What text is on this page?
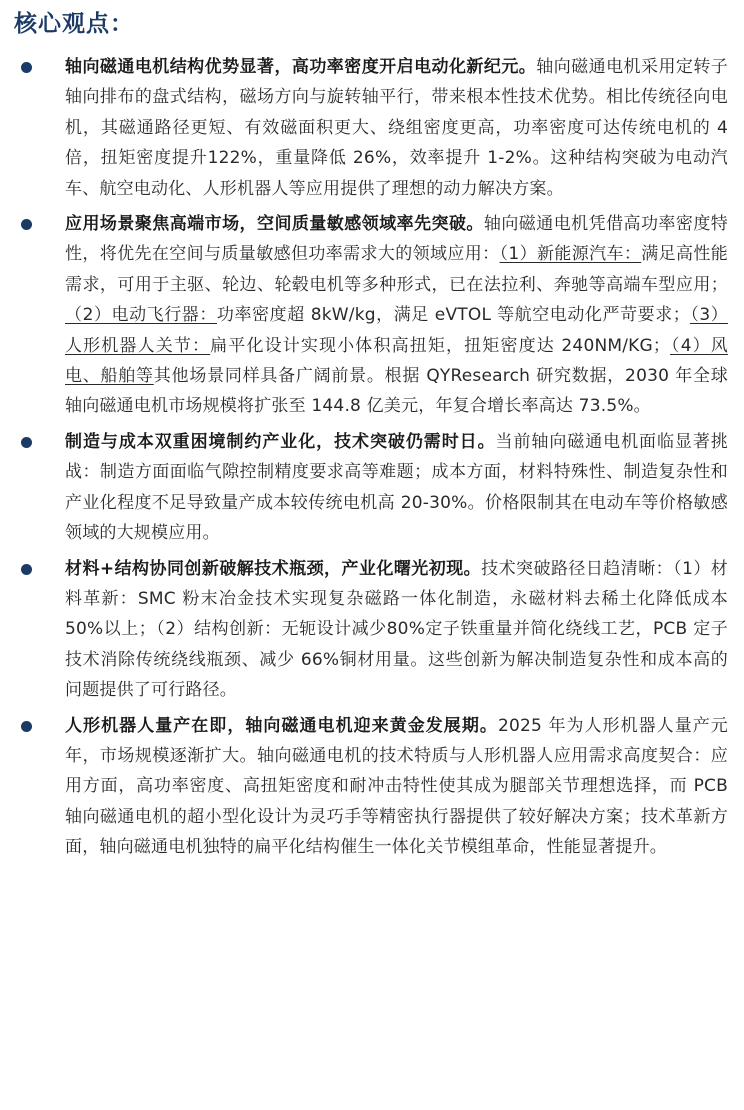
核心观点：
轴向磁通电机结构优势显著，高功率密度开启电动化新纪元。轴向磁通电机采用定转子轴向排布的盘式结构，磁场方向与旋转轴平行，带来根本性技术优势。相比传统径向电机，其磁通路径更短、有效磁面积更大、绕组密度更高，功率密度可达传统电机的 4 倍，扭矩密度提升122%，重量降低 26%，效率提升 1-2%。这种结构突破为电动汽车、航空电动化、人形机器人等应用提供了理想的动力解决方案。
应用场景聚焦高端市场，空间质量敏感领域率先突破。轴向磁通电机凭借高功率密度特性，将优先在空间与质量敏感但功率需求大的领域应用：（1）新能源汽车：满足高性能需求，可用于主驱、轮边、轮毂电机等多种形式，已在法拉利、奔驰等高端车型应用；（2）电动飞行器：功率密度超 8kW/kg，满足 eVTOL 等航空电动化严苛要求；（3）人形机器人关节：扁平化设计实现小体积高扭矩，扭矩密度达 240NM/KG；（4）风电、船舶等其他场景同样具备广阔前景。根据 QYResearch 研究数据，2030 年全球轴向磁通电机市场规模将扩张至 144.8 亿美元，年复合增长率高达 73.5%。
制造与成本双重困境制约产业化，技术突破仍需时日。当前轴向磁通电机面临显著挑战：制造方面面临气隙控制精度要求高等难题；成本方面，材料特殊性、制造复杂性和产业化程度不足导致量产成本较传统电机高 20-30%。价格限制其在电动车等价格敏感领域的大规模应用。
材料+结构协同创新破解技术瓶颈，产业化曙光初现。技术突破路径日趋清晰：（1）材料革新：SMC 粉末冶金技术实现复杂磁路一体化制造，永磁材料去稀土化降低成本 50%以上；（2）结构创新：无轭设计减少80%定子铁重量并简化绕线工艺，PCB 定子技术消除传统绕线瓶颈、减少 66%铜材用量。这些创新为解决制造复杂性和成本高的问题提供了可行路径。
人形机器人量产在即，轴向磁通电机迎来黄金发展期。2025 年为人形机器人量产元年，市场规模逐渐扩大。轴向磁通电机的技术特质与人形机器人应用需求高度契合：应用方面，高功率密度、高扭矩密度和耐冲击特性使其成为腿部关节理想选择，而 PCB 轴向磁通电机的超小型化设计为灵巧手等精密执行器提供了较好解决方案；技术革新方面，轴向磁通电机独特的扁平化结构催生一体化关节模组革命，性能显著提升。
